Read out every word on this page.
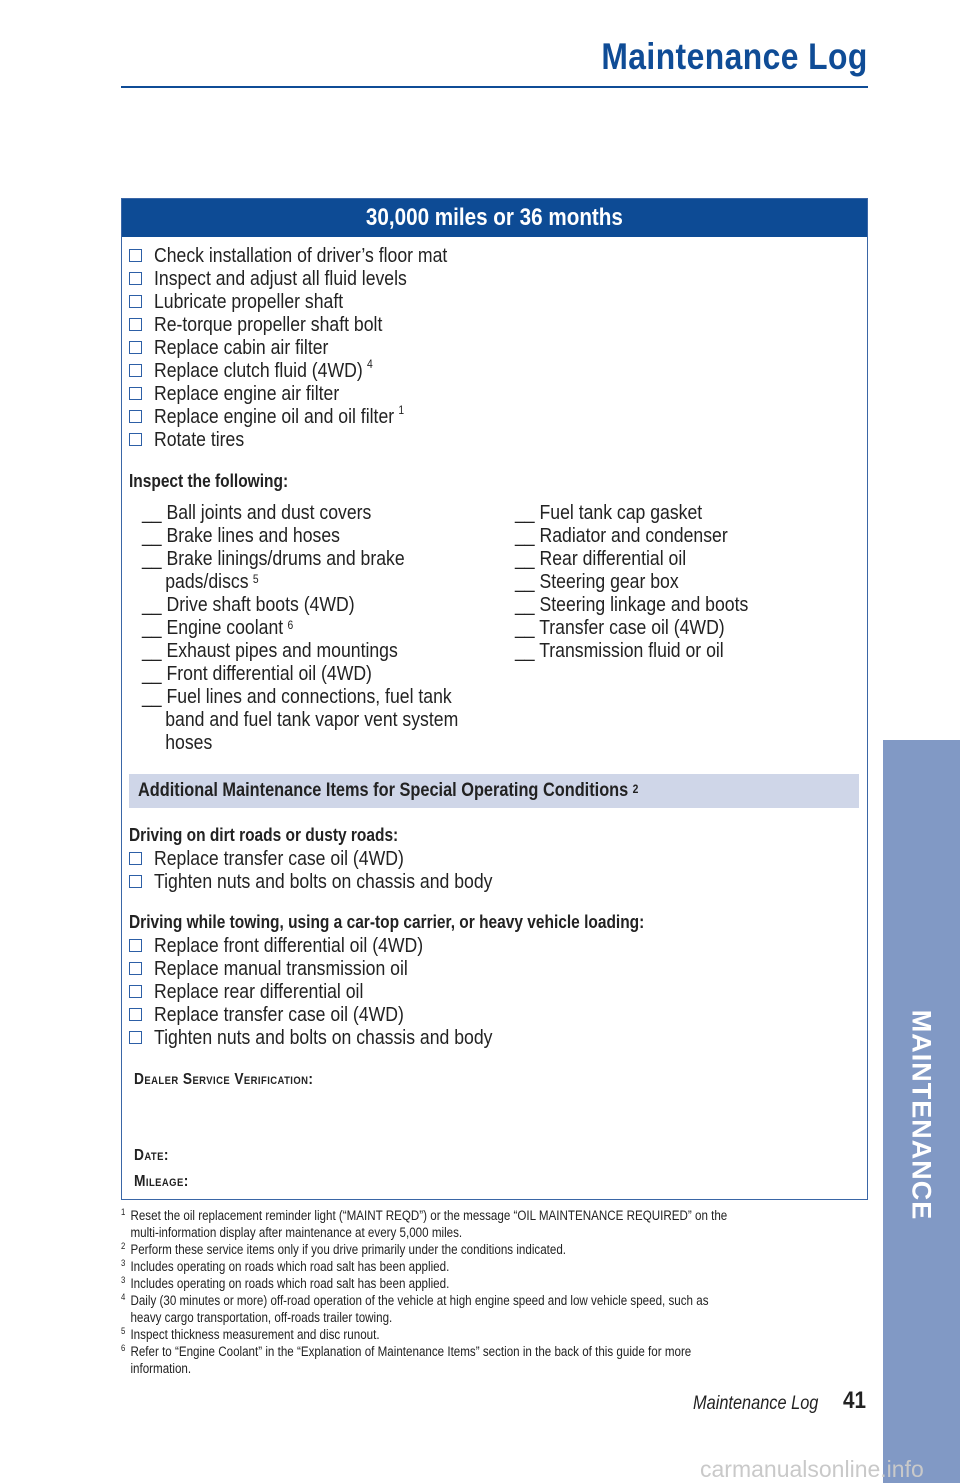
Maintenance Log
30,000 miles or 36 months
Check installation of driver’s floor mat
Inspect and adjust all fluid levels
Lubricate propeller shaft
Re-torque propeller shaft bolt
Replace cabin air filter
Replace clutch fluid (4WD) $^4$
Replace engine air filter
Replace engine oil and oil filter $^1$
Rotate tires
Inspect the following:
__ Ball joints and dust covers
__ Brake lines and hoses
__ Brake linings/drums and brake
pads/discs $^5$
__ Drive shaft boots (4WD)
__ Engine coolant $^6$
__ Exhaust pipes and mountings
__ Front differential oil (4WD)
__ Fuel lines and connections, fuel tank
band and fuel tank vapor vent system
hoses
__ Fuel tank cap gasket
__ Radiator and condenser
__ Rear differential oil
__ Steering gear box
__ Steering linkage and boots
__ Transfer case oil (4WD)
__ Transmission fluid or oil
Additional Maintenance Items for Special Operating Conditions $^2$
Driving on dirt roads or dusty roads:
Replace transfer case oil (4WD)
Tighten nuts and bolts on chassis and body
Driving while towing, using a car-top carrier, or heavy vehicle loading:
Replace front differential oil (4WD)
Replace manual transmission oil
Replace rear differential oil
Replace transfer case oil (4WD)
Tighten nuts and bolts on chassis and body
Dealer Service Verification:
Date:
Mileage:
1 Reset the oil replacement reminder light (“MAINT REQD”) or the message “OIL MAINTENANCE REQUIRED” on the
multi-information display after maintenance at every 5,000 miles.
2 Perform these service items only if you drive primarily under the conditions indicated.
3 Includes operating on roads which road salt has been applied.
3 Includes operating on roads which road salt has been applied.
4 Daily (30 minutes or more) off-road operation of the vehicle at high engine speed and low vehicle speed, such as
heavy cargo transportation, off-roads trailer towing.
5 Inspect thickness measurement and disc runout.
6 Refer to “Engine Coolant” in the “Explanation of Maintenance Items” section in the back of this guide for more
information.
MAINTENANCE
Maintenance Log 41
carmanualsonline.info
